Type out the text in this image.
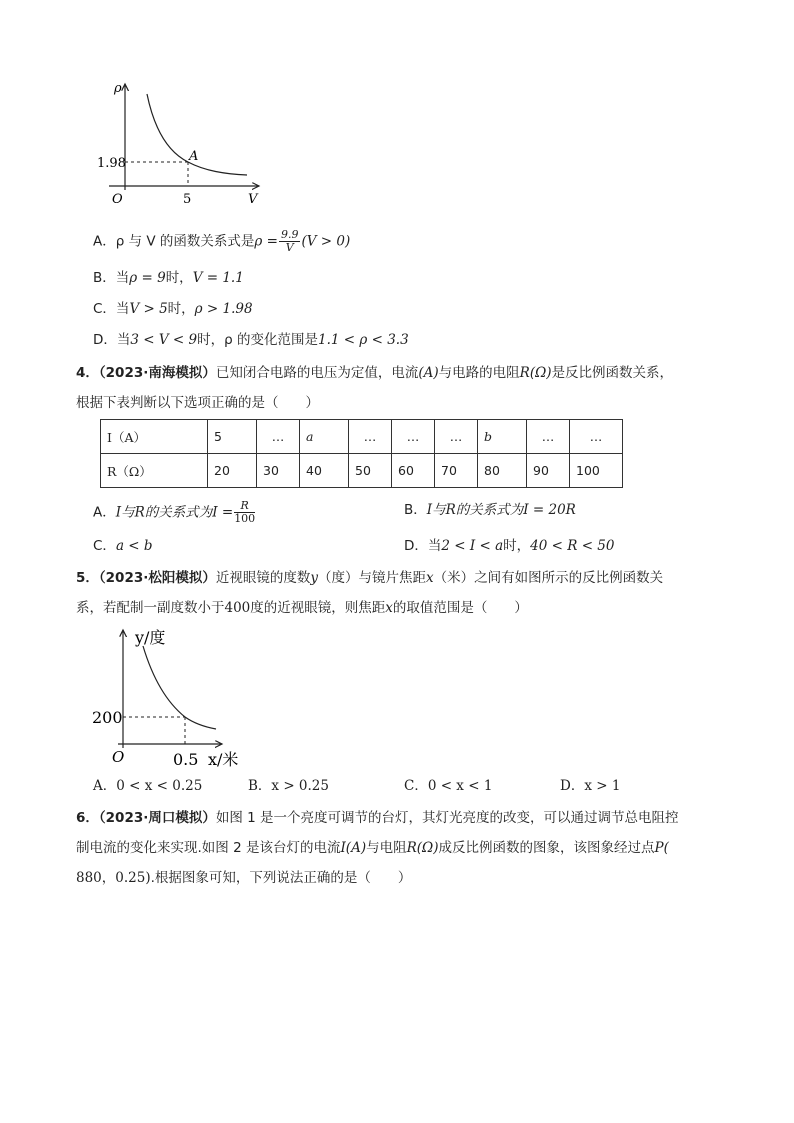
ρ
V
O
A
1.98
5
A．ρ 与 V 的函数关系式是$\rho = \frac{9.9}{V} (V > 0)$
B．当ρ = 9时，V = 1.1
C．当V > 5时，ρ > 1.98
D．当3 < V < 9时，ρ 的变化范围是1.1 < ρ < 3.3
4．（2023·南海模拟）已知闭合电路的电压为定值，电流(A)与电路的电阻R(Ω)是反比例函数关系，
根据下表判断以下选项正确的是（　　）
I（A）	5	…	a	…	…	…	b	…	…
R（Ω）	20	30	40	50	60	70	80	90	100
A．I与R的关系式为$I = \frac{R}{100}$	B．I与R的关系式为I = 20R
C．a < b	D．当2 < I < a时，40 < R < 50
5．（2023·松阳模拟）近视眼镜的度数y（度）与镜片焦距x（米）之间有如图所示的反比例函数关
系，若配制一副度数小于400度的近视眼镜，则焦距x的取值范围是（　　）
y/度
x/米
O
200
0.5
A．0 < x < 0.25	B．x > 0.25	C．0 < x < 1	D．x > 1
6．（2023·周口模拟）如图 1 是一个亮度可调节的台灯，其灯光亮度的改变，可以通过调节总电阻控
制电流的变化来实现.如图 2 是该台灯的电流I(A)与电阻R(Ω)成反比例函数的图象，该图象经过点P(
880，0.25).根据图象可知，下列说法正确的是（　　）
